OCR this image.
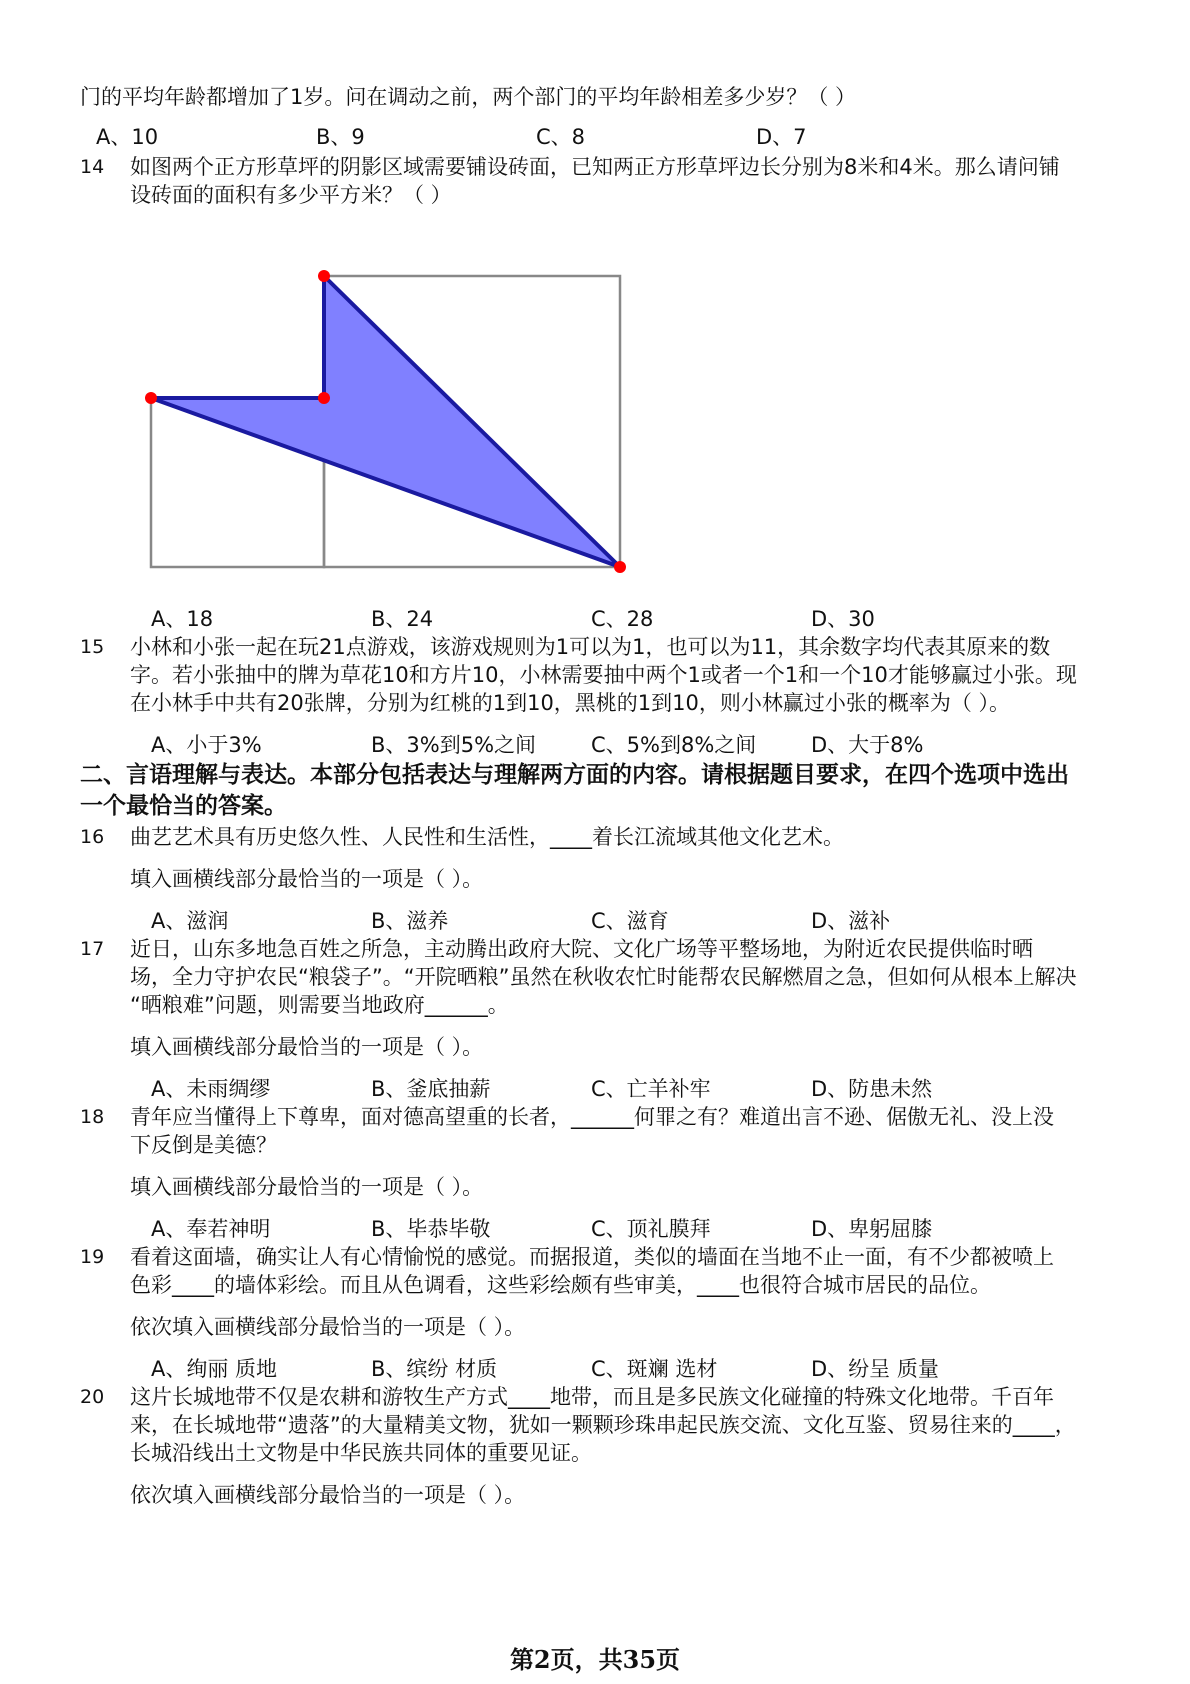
门的平均年龄都增加了1岁。问在调动之前，两个部门的平均年龄相差多少岁？（ ）
A、10	B、9	C、8	D、7
14 如图两个正方形草坪的阴影区域需要铺设砖面，已知两正方形草坪边长分别为8米和4米。那么请问铺
设砖面的面积有多少平方米？（ ）
A、18	B、24	C、28	D、30
15 小林和小张一起在玩21点游戏，该游戏规则为1可以为1，也可以为11，其余数字均代表其原来的数
字。若小张抽中的牌为草花10和方片10，小林需要抽中两个1或者一个1和一个10才能够赢过小张。现
在小林手中共有20张牌，分别为红桃的1到10，黑桃的1到10，则小林赢过小张的概率为（ ）。
A、小于3%	B、3%到5%之间	C、5%到8%之间	D、大于8%
二、言语理解与表达。本部分包括表达与理解两方面的内容。请根据题目要求，在四个选项中选出
一个最恰当的答案。
16 曲艺艺术具有历史悠久性、人民性和生活性，____着长江流域其他文化艺术。
填入画横线部分最恰当的一项是（ ）。
A、滋润	B、滋养	C、滋育	D、滋补
17 近日，山东多地急百姓之所急，主动腾出政府大院、文化广场等平整场地，为附近农民提供临时晒
场，全力守护农民“粮袋子”。“开院晒粮”虽然在秋收农忙时能帮农民解燃眉之急，但如何从根本上解决
“晒粮难”问题，则需要当地政府______。
填入画横线部分最恰当的一项是（ ）。
A、未雨绸缪	B、釜底抽薪	C、亡羊补牢	D、防患未然
18 青年应当懂得上下尊卑，面对德高望重的长者，______何罪之有？难道出言不逊、倨傲无礼、没上没
下反倒是美德？
填入画横线部分最恰当的一项是（ ）。
A、奉若神明	B、毕恭毕敬	C、顶礼膜拜	D、卑躬屈膝
19 看着这面墙，确实让人有心情愉悦的感觉。而据报道，类似的墙面在当地不止一面，有不少都被喷上
色彩____的墙体彩绘。而且从色调看，这些彩绘颇有些审美，____也很符合城市居民的品位。
依次填入画横线部分最恰当的一项是（ ）。
A、绚丽 质地	B、缤纷 材质	C、斑斓 选材	D、纷呈 质量
20 这片长城地带不仅是农耕和游牧生产方式____地带，而且是多民族文化碰撞的特殊文化地带。千百年
来，在长城地带“遗落”的大量精美文物，犹如一颗颗珍珠串起民族交流、文化互鉴、贸易往来的____，
长城沿线出土文物是中华民族共同体的重要见证。
依次填入画横线部分最恰当的一项是（ ）。
第2页，共35页
